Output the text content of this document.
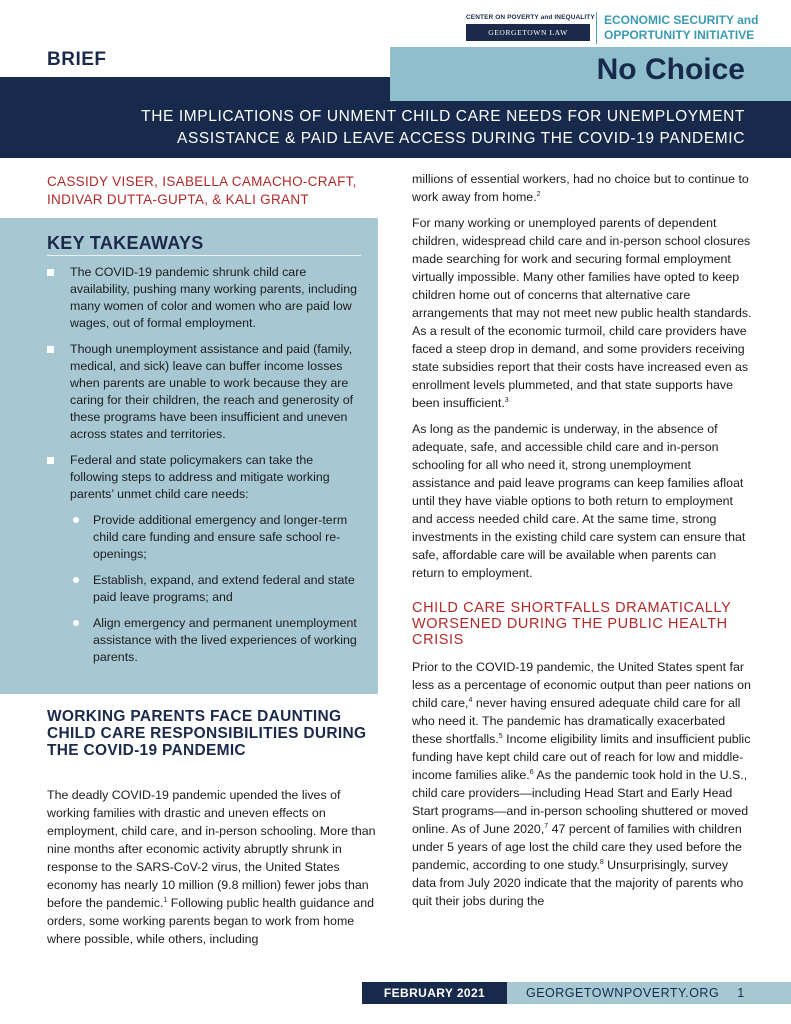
CENTER ON POVERTY and INEQUALITY
GEORGETOWN LAW
ECONOMIC SECURITY and
OPPORTUNITY INITIATIVE
BRIEF	No Choice
THE IMPLICATIONS OF UNMENT CHILD CARE NEEDS FOR UNEMPLOYMENT
ASSISTANCE & PAID LEAVE ACCESS DURING THE COVID-19 PANDEMIC
CASSIDY VISER, ISABELLA CAMACHO-CRAFT,
INDIVAR DUTTA-GUPTA, & KALI GRANT
KEY TAKEAWAYS
The COVID-19 pandemic shrunk child care availability, pushing many working parents, including many women of color and women who are paid low wages, out of formal employment.
Though unemployment assistance and paid (family, medical, and sick) leave can buffer income losses when parents are unable to work because they are caring for their children, the reach and generosity of these programs have been insufficient and uneven across states and territories.
Federal and state policymakers can take the following steps to address and mitigate working parents’ unmet child care needs:
Provide additional emergency and longer-term child care funding and ensure safe school re-openings;
Establish, expand, and extend federal and state paid leave programs; and
Align emergency and permanent unemployment assistance with the lived experiences of working parents.
WORKING PARENTS FACE DAUNTING CHILD CARE RESPONSIBILITIES DURING THE COVID-19 PANDEMIC
The deadly COVID-19 pandemic upended the lives of working families with drastic and uneven effects on employment, child care, and in-person schooling. More than nine months after economic activity abruptly shrunk in response to the SARS-CoV-2 virus, the United States economy has nearly 10 million (9.8 million) fewer jobs than before the pandemic.$^1$ Following public health guidance and orders, some working parents began to work from home where possible, while others, including

millions of essential workers, had no choice but to continue to work away from home.$^2$

For many working or unemployed parents of dependent children, widespread child care and in-person school closures made searching for work and securing formal employment virtually impossible. Many other families have opted to keep children home out of concerns that alternative care arrangements that may not meet new public health standards. As a result of the economic turmoil, child care providers have faced a steep drop in demand, and some providers receiving state subsidies report that their costs have increased even as enrollment levels plummeted, and that state supports have been insufficient.$^3$

As long as the pandemic is underway, in the absence of adequate, safe, and accessible child care and in-person schooling for all who need it, strong unemployment assistance and paid leave programs can keep families afloat until they have viable options to both return to employment and access needed child care. At the same time, strong investments in the existing child care system can ensure that safe, affordable care will be available when parents can return to employment.

CHILD CARE SHORTFALLS DRAMATICALLY WORSENED DURING THE PUBLIC HEALTH CRISIS

Prior to the COVID-19 pandemic, the United States spent far less as a percentage of economic output than peer nations on child care,$^4$ never having ensured adequate child care for all who need it. The pandemic has dramatically exacerbated these shortfalls.$^5$ Income eligibility limits and insufficient public funding have kept child care out of reach for low and middle-income families alike.$^6$ As the pandemic took hold in the U.S., child care providers—including Head Start and Early Head Start programs—and in-person schooling shuttered or moved online. As of June 2020,$^7$ 47 percent of families with children under 5 years of age lost the child care they used before the pandemic, according to one study.$^8$ Unsurprisingly, survey data from July 2020 indicate that the majority of parents who quit their jobs during the

FEBRUARY 2021	GEORGETOWNPOVERTY.ORG 1
